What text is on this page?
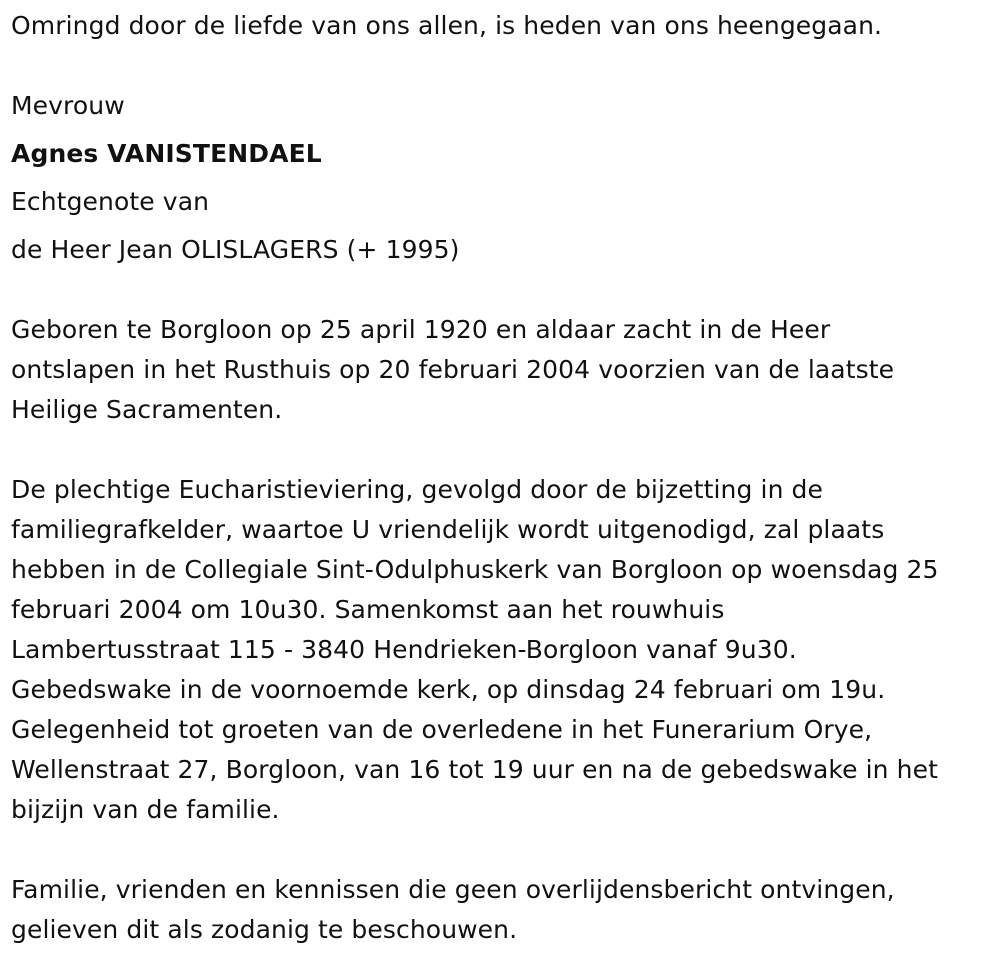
Omringd door de liefde van ons allen, is heden van ons heengegaan.
Mevrouw
Agnes VANISTENDAEL
Echtgenote van
de Heer Jean OLISLAGERS (+ 1995)
Geboren te Borgloon op 25 april 1920 en aldaar zacht in de Heer
ontslapen in het Rusthuis op 20 februari 2004 voorzien van de laatste
Heilige Sacramenten.
De plechtige Eucharistieviering, gevolgd door de bijzetting in de
familiegrafkelder, waartoe U vriendelijk wordt uitgenodigd, zal plaats
hebben in de Collegiale Sint-Odulphuskerk van Borgloon op woensdag 25
februari 2004 om 10u30. Samenkomst aan het rouwhuis
Lambertusstraat 115 - 3840 Hendrieken-Borgloon vanaf 9u30.
Gebedswake in de voornoemde kerk, op dinsdag 24 februari om 19u.
Gelegenheid tot groeten van de overledene in het Funerarium Orye,
Wellenstraat 27, Borgloon, van 16 tot 19 uur en na de gebedswake in het
bijzijn van de familie.
Familie, vrienden en kennissen die geen overlijdensbericht ontvingen,
gelieven dit als zodanig te beschouwen.
